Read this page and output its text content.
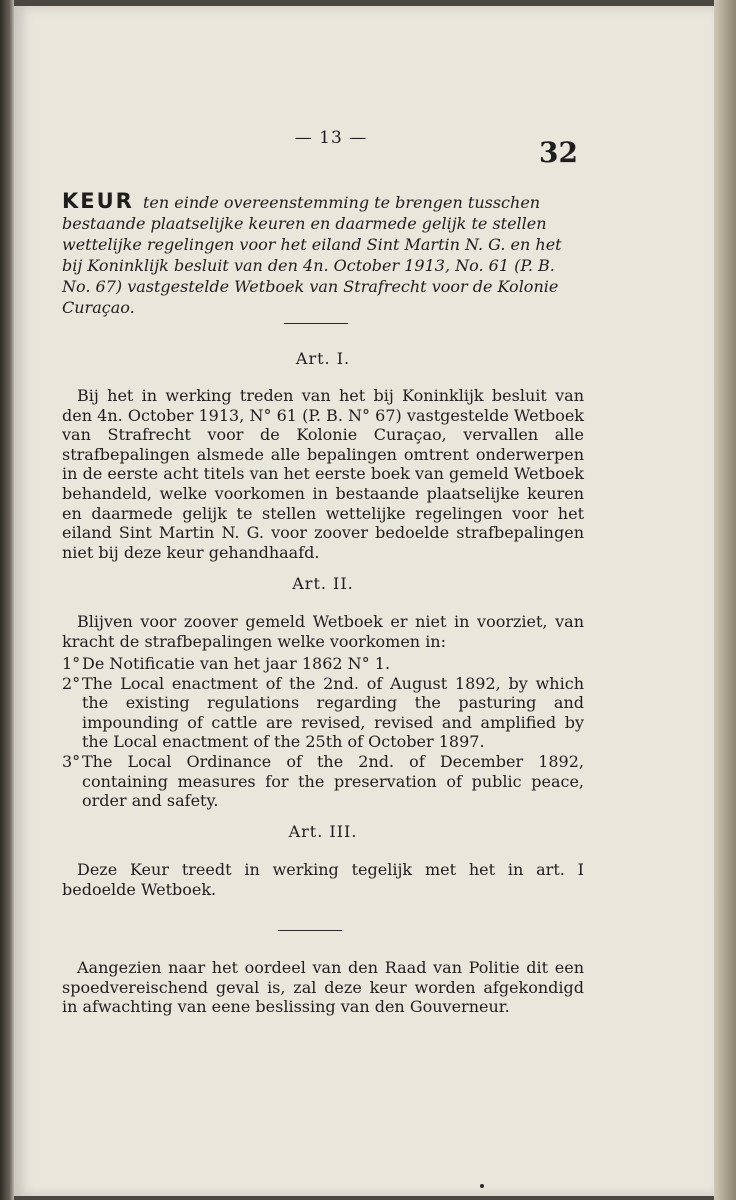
— 13 —	32
KEUR ten einde overeenstemming te brengen tusschen bestaande plaatselijke keuren en daarmede gelijk te stellen wettelijke regelingen voor het eiland Sint Martin N. G. en het bij Koninklijk besluit van den 4n. October 1913, No. 61 (P. B. No. 67) vastgestelde Wetboek van Strafrecht voor de Kolonie Curaçao.
Art. I.
Bij het in werking treden van het bij Koninklijk besluit van den 4n. October 1913, N° 61 (P. B. N° 67) vastgestelde Wetboek van Strafrecht voor de Kolonie Curaçao, vervallen alle strafbepalingen alsmede alle bepalingen omtrent onderwerpen in de eerste acht titels van het eerste boek van gemeld Wetboek behandeld, welke voorkomen in bestaande plaatselijke keuren en daarmede gelijk te stellen wettelijke regelingen voor het eiland Sint Martin N. G. voor zoover bedoelde strafbepalingen niet bij deze keur gehandhaafd.
Art. II.
Blijven voor zoover gemeld Wetboek er niet in voorziet, van kracht de strafbepalingen welke voorkomen in:
1° De Notificatie van het jaar 1862 N° 1.
2° The Local enactment of the 2nd. of August 1892, by which the existing regulations regarding the pasturing and impounding of cattle are revised, revised and amplified by the Local enactment of the 25th of October 1897.
3° The Local Ordinance of the 2nd. of December 1892, containing measures for the preservation of public peace, order and safety.
Art. III.
Deze Keur treedt in werking tegelijk met het in art. I bedoelde Wetboek.
Aangezien naar het oordeel van den Raad van Politie dit een spoedvereischend geval is, zal deze keur worden afgekondigd in afwachting van eene beslissing van den Gouverneur.
